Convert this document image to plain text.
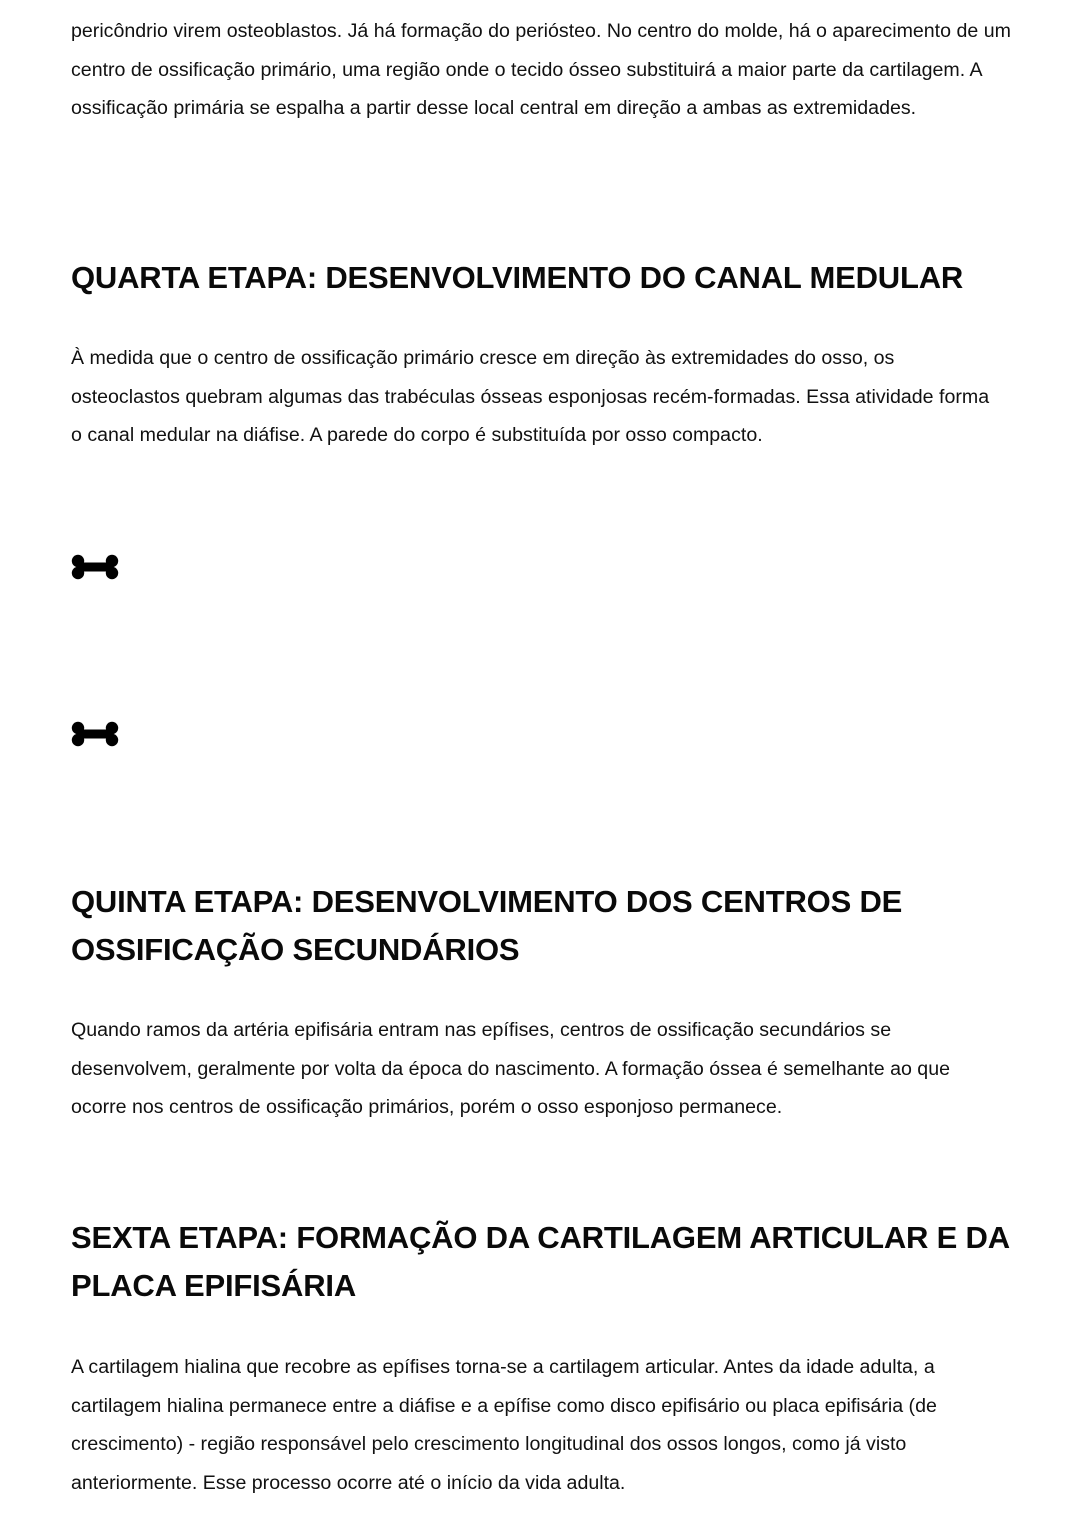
pericôndrio virem osteoblastos. Já há formação do periósteo. No centro do molde, há o aparecimento de um centro de ossificação primário, uma região onde o tecido ósseo substituirá a maior parte da cartilagem. A ossificação primária se espalha a partir desse local central em direção a ambas as extremidades.

QUARTA ETAPA: DESENVOLVIMENTO DO CANAL MEDULAR

À medida que o centro de ossificação primário cresce em direção às extremidades do osso, os osteoclastos quebram algumas das trabéculas ósseas esponjosas recém-formadas. Essa atividade forma o canal medular na diáfise. A parede do corpo é substituída por osso compacto.

QUINTA ETAPA: DESENVOLVIMENTO DOS CENTROS DE OSSIFICAÇÃO SECUNDÁRIOS

Quando ramos da artéria epifisária entram nas epífises, centros de ossificação secundários se desenvolvem, geralmente por volta da época do nascimento. A formação óssea é semelhante ao que ocorre nos centros de ossificação primários, porém o osso esponjoso permanece.

SEXTA ETAPA: FORMAÇÃO DA CARTILAGEM ARTICULAR E DA PLACA EPIFISÁRIA

A cartilagem hialina que recobre as epífises torna-se a cartilagem articular. Antes da idade adulta, a cartilagem hialina permanece entre a diáfise e a epífise como disco epifisário ou placa epifisária (de crescimento) - região responsável pelo crescimento longitudinal dos ossos longos, como já visto anteriormente. Esse processo ocorre até o início da vida adulta.
